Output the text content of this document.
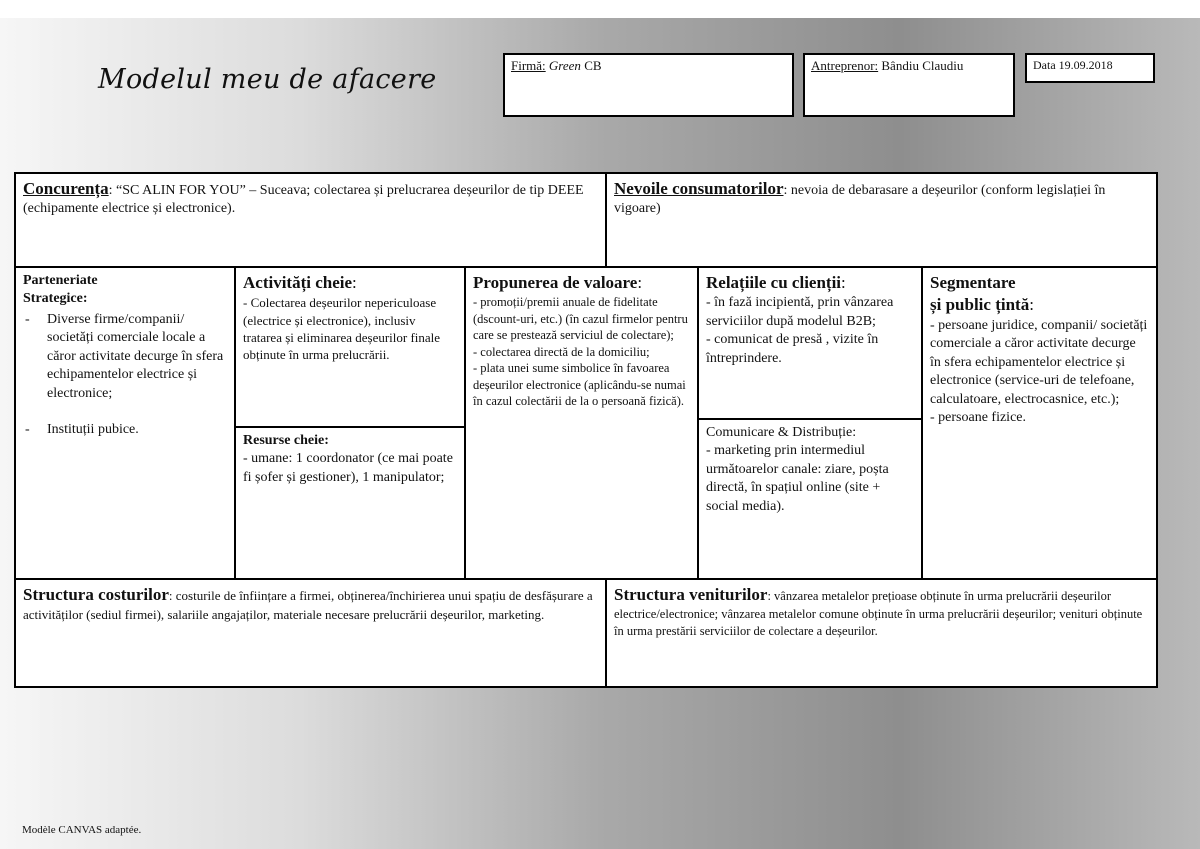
Modelul meu de afacere	Firmă: Green CB	Antreprenor: Bândiu Claudiu	Data 19.09.2018
Concurența: “SC ALIN FOR YOU” – Suceava; colectarea și prelucrarea deșeurilor de tip DEEE (echipamente electrice și electronice).
Nevoile consumatorilor: nevoia de debarasare a deșeurilor (conform legislației în vigoare)
Parteneriate
Strategice:
- Diverse firme/companii/ societăți comerciale locale a căror activitate decurge în sfera echipamentelor electrice și electronice;
- Instituții pubice.
Activități cheie:
- Colectarea deșeurilor nepericuloase (electrice și electronice), inclusiv tratarea și eliminarea deșeurilor finale obținute în urma prelucrării.
Resurse cheie:
- umane: 1 coordonator (ce mai poate fi șofer și gestioner), 1 manipulator;
Propunerea de valoare:
- promoții/premii anuale de fidelitate (dscount-uri, etc.) (în cazul firmelor pentru care se prestează serviciul de colectare);
- colectarea directă de la domiciliu;
- plata unei sume simbolice în favoarea deșeurilor electronice (aplicându-se numai în cazul colectării de la o persoană fizică).
Relațiile cu clienții:
- în fază incipientă, prin vânzarea serviciilor după modelul B2B;
- comunicat de presă , vizite în întreprindere.
Comunicare & Distribuție:
- marketing prin intermediul următoarelor canale: ziare, poșta directă, în spațiul online (site + social media).
Segmentare
și public țintă:
- persoane juridice, companii/ societăți comerciale a căror activitate decurge în sfera echipamentelor electrice și electronice (service-uri de telefoane, calculatoare, electrocasnice, etc.);
- persoane fizice.
Structura costurilor: costurile de înființare a firmei, obținerea/închirierea unui spațiu de desfășurare a activităților (sediul firmei), salariile angajaților, materiale necesare prelucrării deșeurilor, marketing.
Structura veniturilor: vânzarea metalelor prețioase obținute în urma prelucrării deșeurilor electrice/electronice; vânzarea metalelor comune obținute în urma prelucrării deșeurilor; venituri obținute în urma prestării serviciilor de colectare a deșeurilor.
Modèle CANVAS adaptée.
